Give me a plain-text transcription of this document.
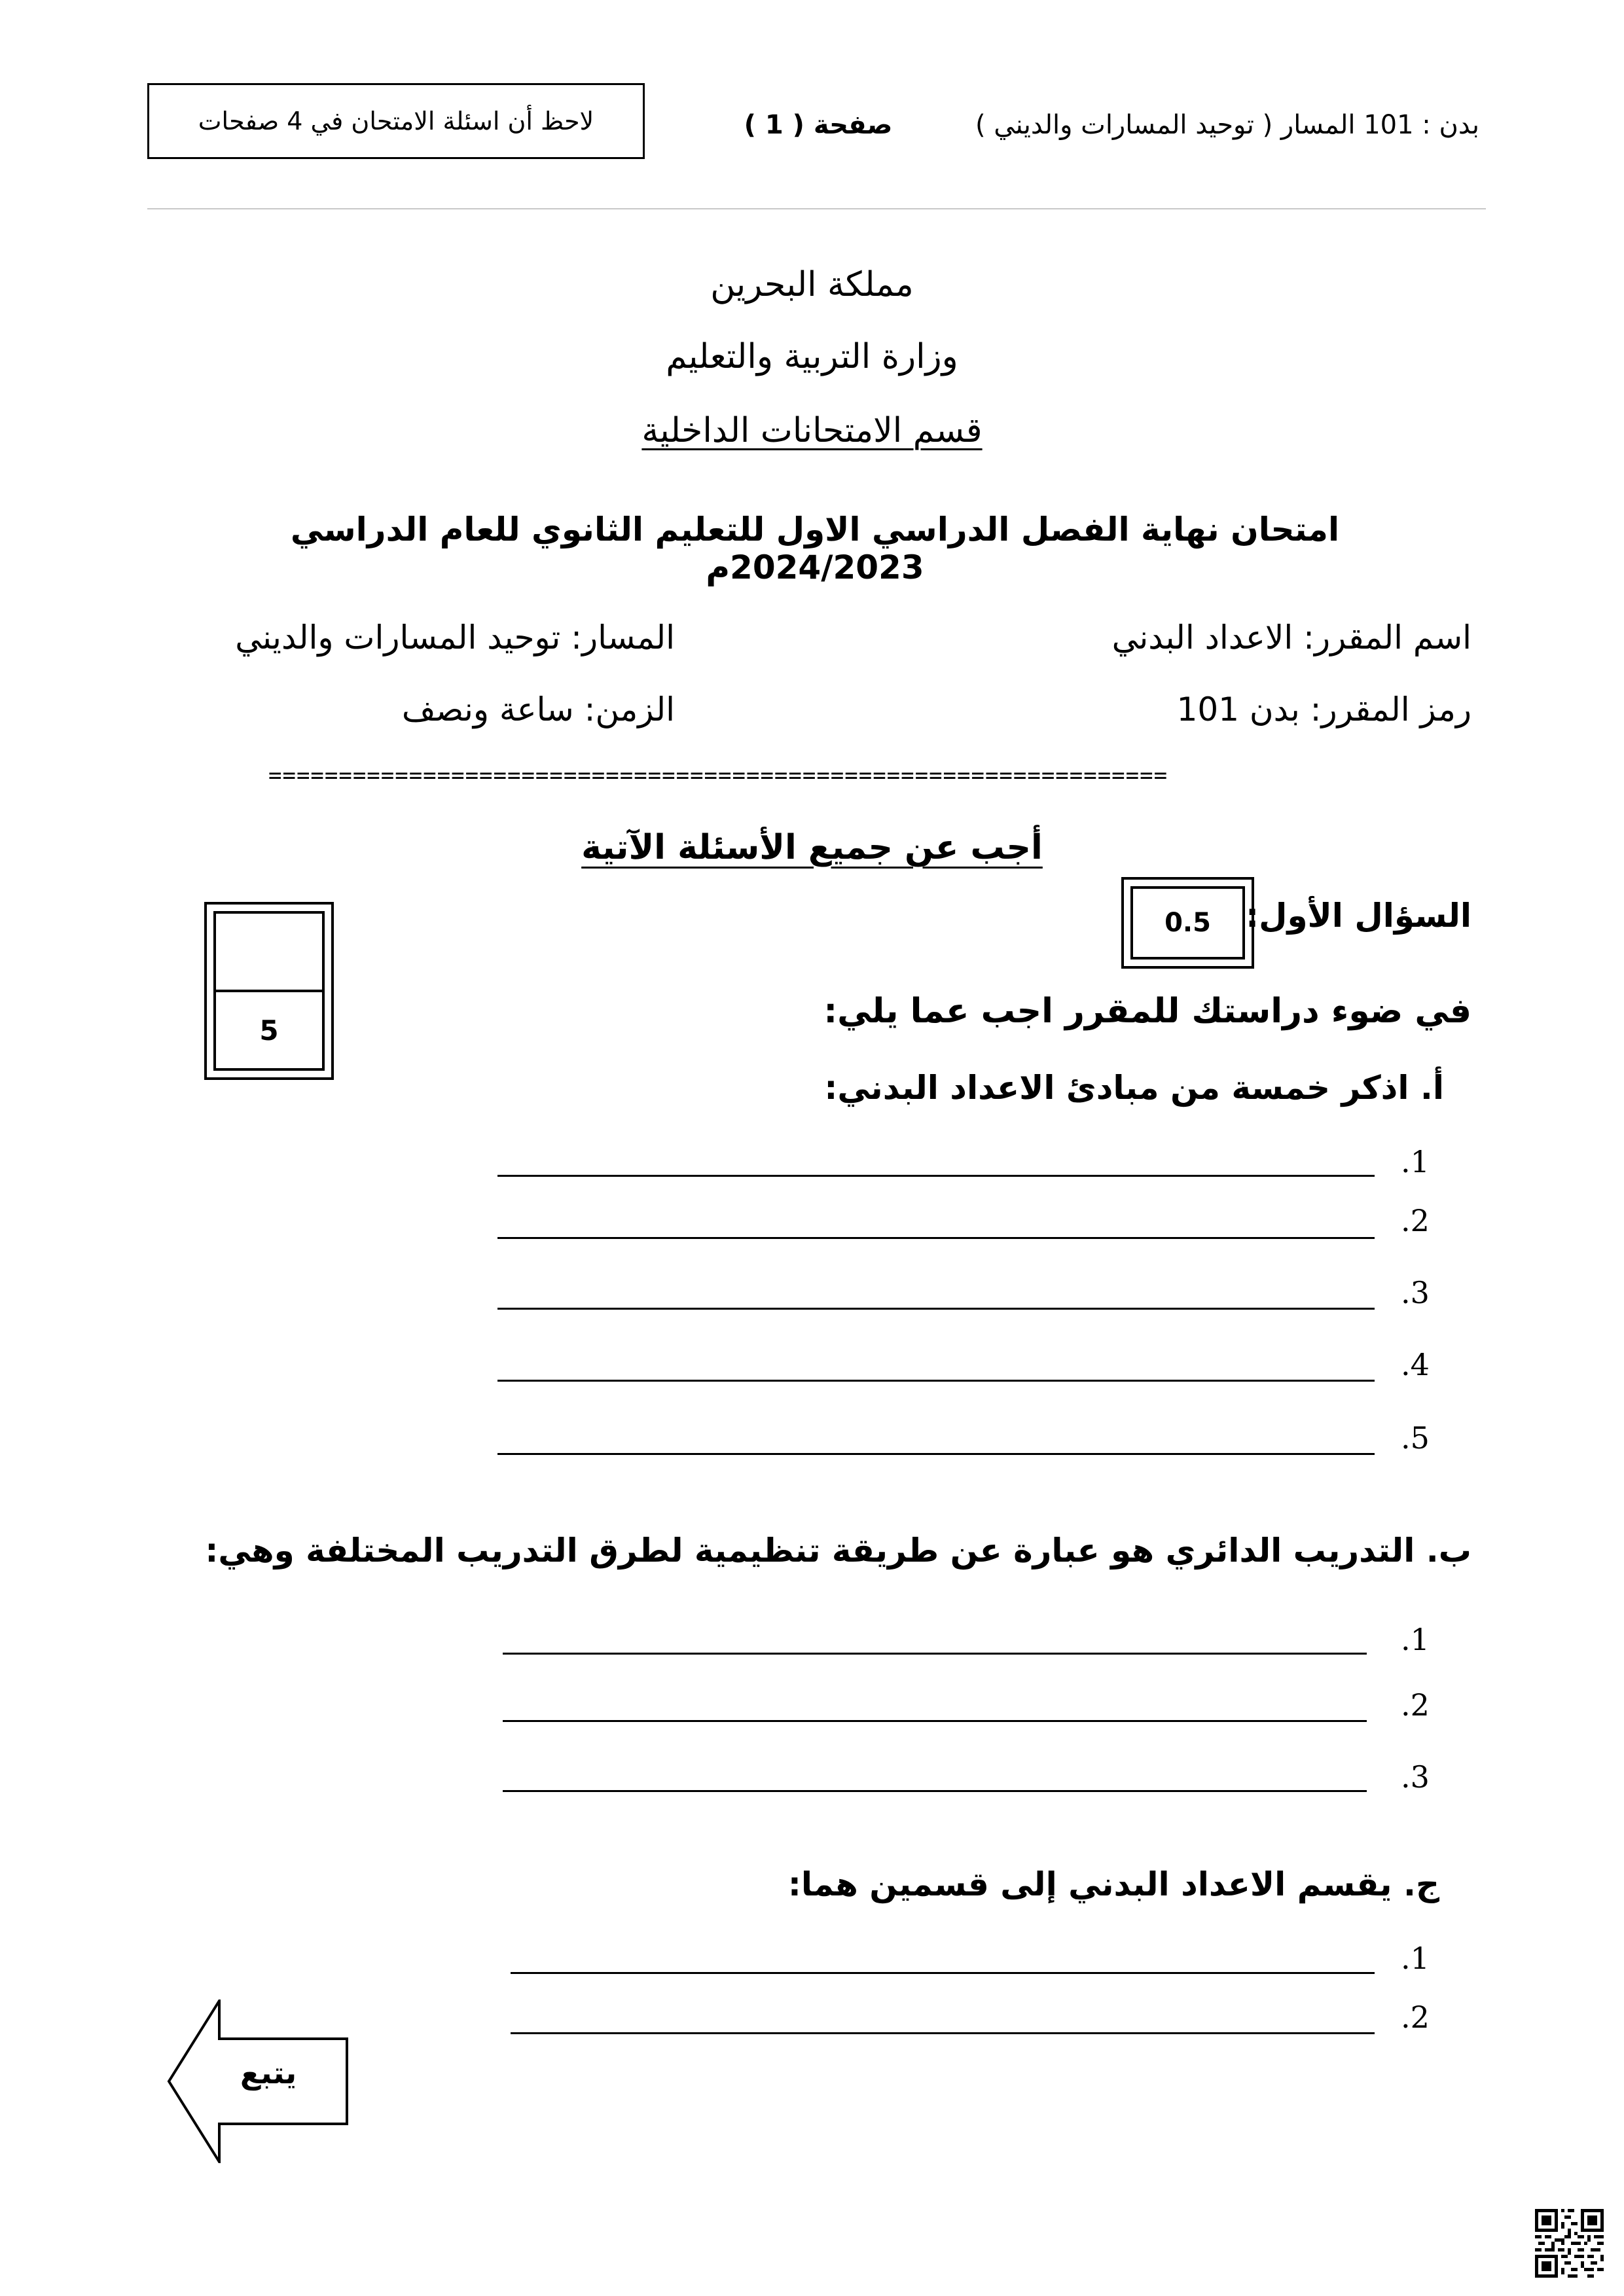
لاحظ أن اسئلة الامتحان في 4 صفحات	صفحة ( 1 )	بدن : 101 المسار ( توحيد المسارات والديني )
مملكة البحرين
وزارة التربية والتعليم
قسم الامتحانات الداخلية
امتحان نهاية الفصل الدراسي الاول للتعليم الثانوي للعام الدراسي 2024/2023م
اسم المقرر: الاعداد البدني
المسار: توحيد المسارات والديني
رمز المقرر: بدن 101
الزمن: ساعة ونصف
================================================================
أجب عن جميع الأسئلة الآتية
السؤال الأول:
0.5
5	في ضوء دراستك للمقرر اجب عما يلي:
أ. اذكر خمسة من مبادئ الاعداد البدني:
.1
.2
.3
.4
.5
ب. التدريب الدائري هو عبارة عن طريقة تنظيمية لطرق التدريب المختلفة وهي:
.1
.2
.3
ج. يقسم الاعداد البدني إلى قسمين هما:
.1
.2
يتبع
